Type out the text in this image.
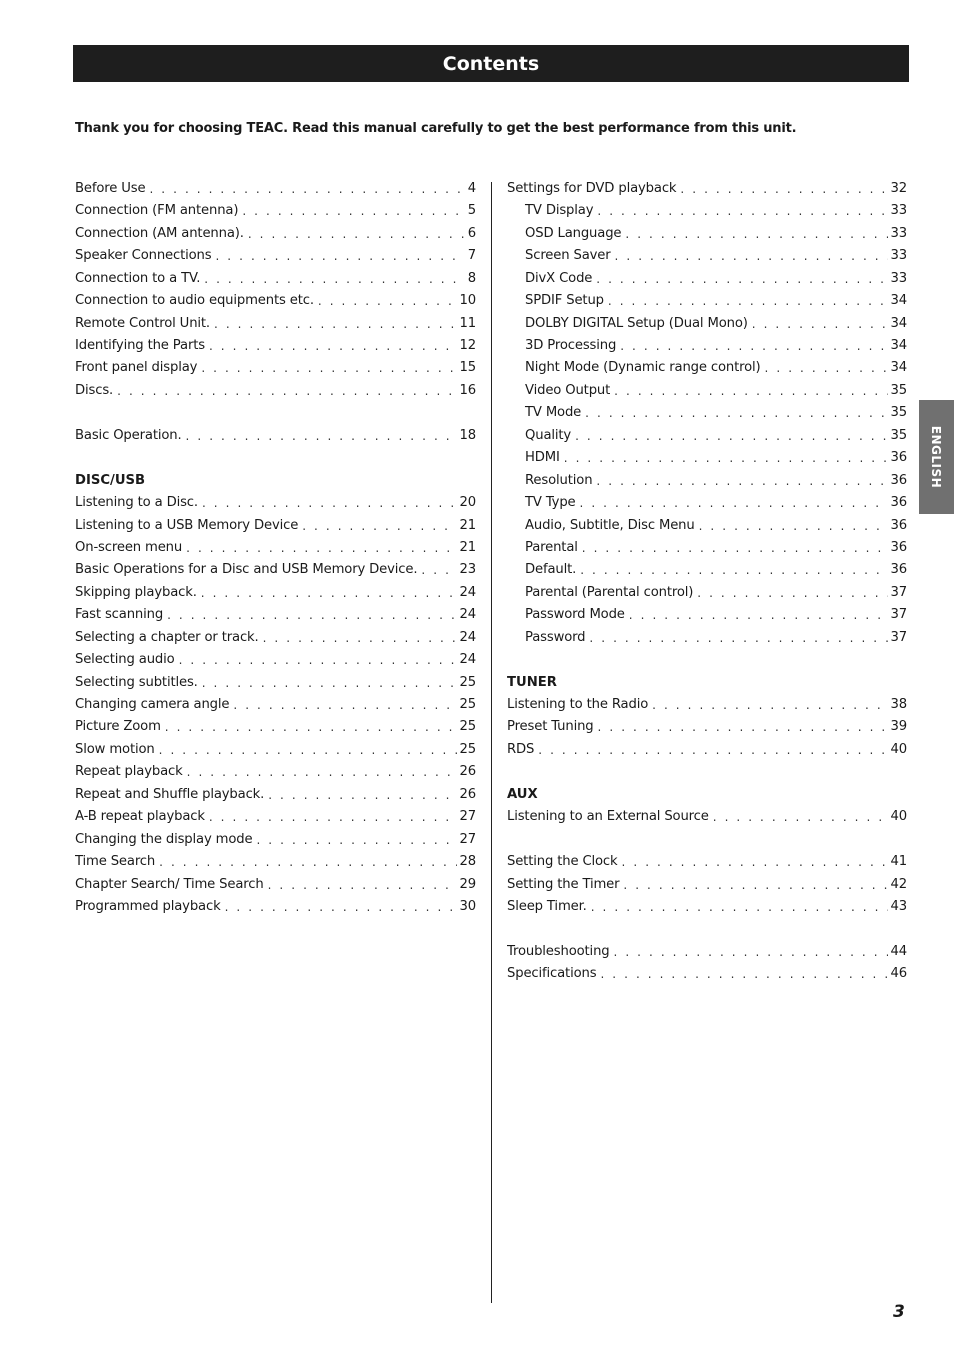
Contents

Thank you for choosing TEAC. Read this manual carefully to get the best performance from this unit.

Before Use . . .	4
Connection (FM antenna) . . .	5
Connection (AM antenna). . . .	6
Speaker Connections . . .	7
Connection to a TV. . . .	8
Connection to audio equipments etc. . . .	10
Remote Control Unit. . . .	11
Identifying the Parts . . .	12
Front panel display . . .	15
Discs. . . .	16
Basic Operation. . . .	18
DISC/USB
Listening to a Disc. . . .	20
Listening to a USB Memory Device . . .	21
On-screen menu . . .	21
Basic Operations for a Disc and USB Memory Device. . . .	23
Skipping playback. . . .	24
Fast scanning . . .	24
Selecting a chapter or track. . . .	24
Selecting audio . . .	24
Selecting subtitles. . . .	25
Changing camera angle . . .	25
Picture Zoom . . .	25
Slow motion . . .	25
Repeat playback . . .	26
Repeat and Shuffle playback. . . .	26
A-B repeat playback . . .	27
Changing the display mode . . .	27
Time Search . . .	28
Chapter Search/ Time Search . . .	29
Programmed playback . . .	30
Settings for DVD playback . . .	32
TV Display . . .	33
OSD Language . . .	33
Screen Saver . . .	33
DivX Code . . .	33
SPDIF Setup . . .	34
DOLBY DIGITAL Setup (Dual Mono) . . .	34
3D Processing . . .	34
Night Mode (Dynamic range control) . . .	34
Video Output . . .	35
TV Mode . . .	35
Quality . . .	35
HDMI . . .	36
Resolution . . .	36
TV Type . . .	36
Audio, Subtitle, Disc Menu . . .	36
Parental . . .	36
Default. . . .	36
Parental (Parental control) . . .	37
Password Mode . . .	37
Password . . .	37
TUNER
Listening to the Radio . . .	38
Preset Tuning . . .	39
RDS . . .	40
AUX
Listening to an External Source . . .	40
Setting the Clock . . .	41
Setting the Timer . . .	42
Sleep Timer. . . .	43
Troubleshooting . . .	44
Specifications . . .	46
ENGLISH
3
